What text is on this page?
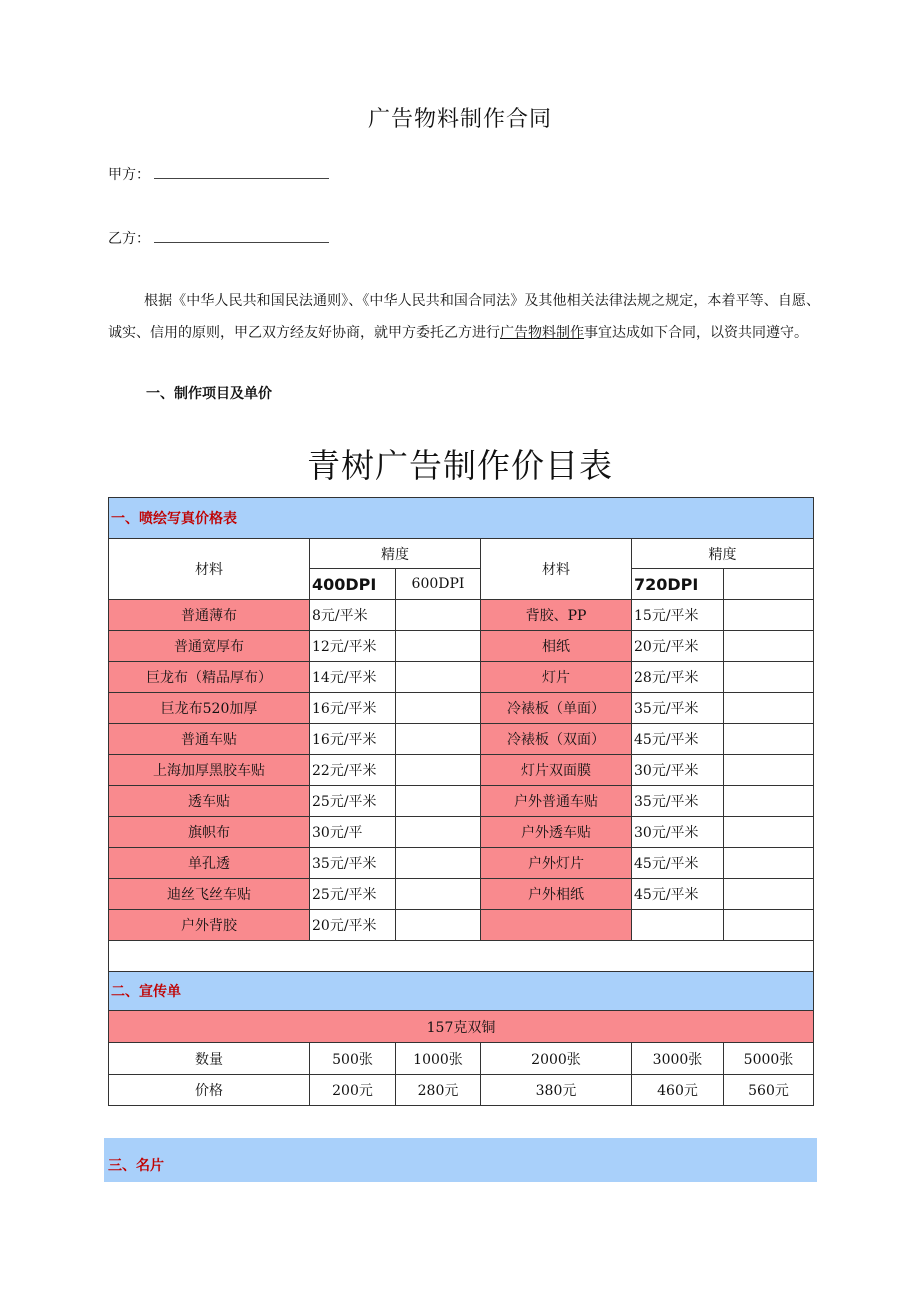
广告物料制作合同
甲方：
乙方：
根据《中华人民共和国民法通则》、《中华人民共和国合同法》及其他相关法律法规之规定，本着平等、自愿、诚实、信用的原则，甲乙双方经友好协商，就甲方委托乙方进行广告物料制作事宜达成如下合同，以资共同遵守。
一、制作项目及单价
青树广告制作价目表
一、喷绘写真价格表						
材料	精度		材料	精度		
	400DPI	600DPI		720DPI		
普通薄布	8元/平米		背胶、PP	15元/平米		
普通宽厚布	12元/平米		相纸	20元/平米		
巨龙布（精品厚布）	14元/平米		灯片	28元/平米		
巨龙布520加厚	16元/平米		冷裱板（单面）	35元/平米		
普通车贴	16元/平米		冷裱板（双面）	45元/平米		
上海加厚黑胶车贴	22元/平米		灯片双面膜	30元/平米		
透车贴	25元/平米		户外普通车贴	35元/平米		
旗帜布	30元/平		户外透车贴	30元/平米		
单孔透	35元/平米		户外灯片	45元/平米		
迪丝飞丝车贴	25元/平米		户外相纸	45元/平米		
户外背胶	20元/平米					

二、宣传单						
157克双铜						
数量	500张	1000张	2000张	3000张	5000张	
价格	200元	280元	380元	460元	560元	
三、名片
